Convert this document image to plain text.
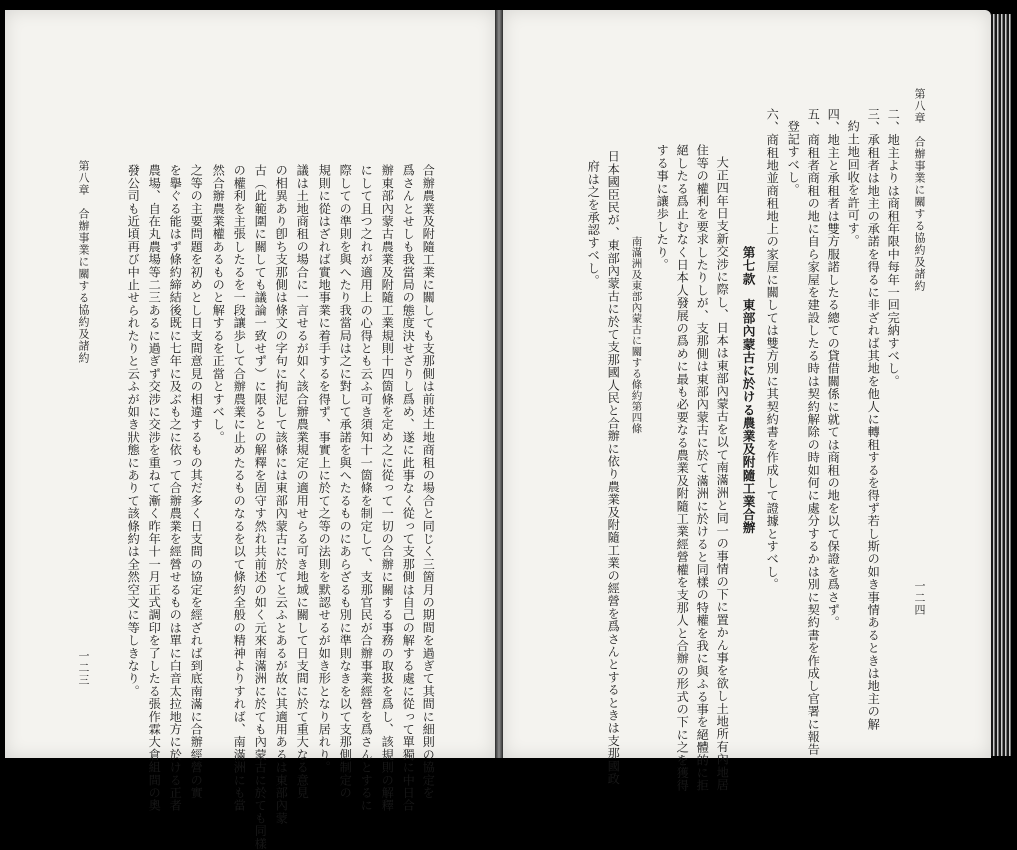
合辦農業及附隨工業に關しても支那側は前述土地商租の場合と同じく三箇月の期間を過ぎて其間に細則の協定を
爲さんとせしも我當局の態度決せざりし爲め、遂に此事なく從って支那側は自己の解する處に從って單獨に中日合
辦東部內蒙古農業及附隨工業規則十四箇條を定め之に從って一切の合辦に關する事務の取扱を爲し、該規則の解釋
にして且つ之れが適用上の心得とも云ふ可き須知十一箇條を制定して、支那官民が合辦事業經營を爲さんとするに
際しての準則を與へたり我當局は之に對して承諾を與へたるものにあらざるも別に準則なきを以て支那側制定の
規則に從はざれば實地事業に着手するを得ず、事實上に於て之等の法則を默認せるが如き形となり居れり。
議は土地商租の場合に一言せるが如く該合辦農業規定の適用せらる可き地域に關して日支間に於て重大なる意見
の相異あり卽ち支那側は條文の字句に拘泥して該條には東部內蒙古に於てと云ふとあるが故に其適用あるは東部內蒙
古（此範圍に關しても議論一致せず）に限るとの解釋を固守す然れ共前述の如く元來南滿洲に於ても內蒙古に於ても同樣
の權利を主張したるを一段讓歩して合辦農業に止めたるものなるを以て條約全般の精神よりすれば、南滿洲にも當
然合辦農業權あるものと解するを正當とすべし。
之等の主要問題を初めとし日支間意見の相違するもの其だ多く日支間の協定を經ざれば到底南滿に合辦經營の實
を擧ぐる能はず條約締結後既に七年に及ぶも之に依って合辦農業を經營せるものは單に白音太拉地方に於ける正者
農場、自在丸農場等二三あるに過ぎず交涉に交涉を重ねて漸く昨年十一月正式調印を了したる張作霖大倉組間の奧
發公司も近頃再び中止せられたりと云ふが如き狀態にありて該條約は全然空文に等しきなり。
第八章　合辦事業に關する協約及諸約
一二三
第八章　合辦事業に關する協約及諸約
一二四
二、地主よりは商租年限中每年一回完納すべし。
三、承租者は地主の承諾を得るに非ざれば其地を他人に轉租するを得ず若し斯の如き事情あるときは地主の解
約土地回收を許可す。
四、地主と承租者は雙方服諾したる總ての貸借關係に就ては商租の地を以て保證を爲さず。
五、商租者商租の地に自ら家屋を建設したる時は契約解除の時如何に處分するかは別に契約書を作成し官署に報告
登記すべし。
六、商租地並商租地上の家屋に關しては雙方別に其契約書を作成して證據とすべし。
第七款　東部內蒙古に於ける農業及附隨工業合辦
大正四年日支新交涉に際し、日本は東部內蒙古を以て南滿洲と同一の事情の下に置かん事を欲し土地所有內地居
住等の權利を要求したりしが、支那側は東部內蒙古に於て滿洲に於けると同樣の特權を我に與ふる事を絕體的に拒
絕したる爲止むなく日本人發展の爲めに最も必要なる農業及附隨工業經營權を支那人と合辦の形式の下に之を獲得
する事に讓歩したり。
南滿洲及東部內蒙古に關する條約第四條
日本國臣民が、東部內蒙古に於て支那國人民と合辦に依り農業及附隨工業の經營を爲さんとするときは支那國政
府は之を承認すべし。
